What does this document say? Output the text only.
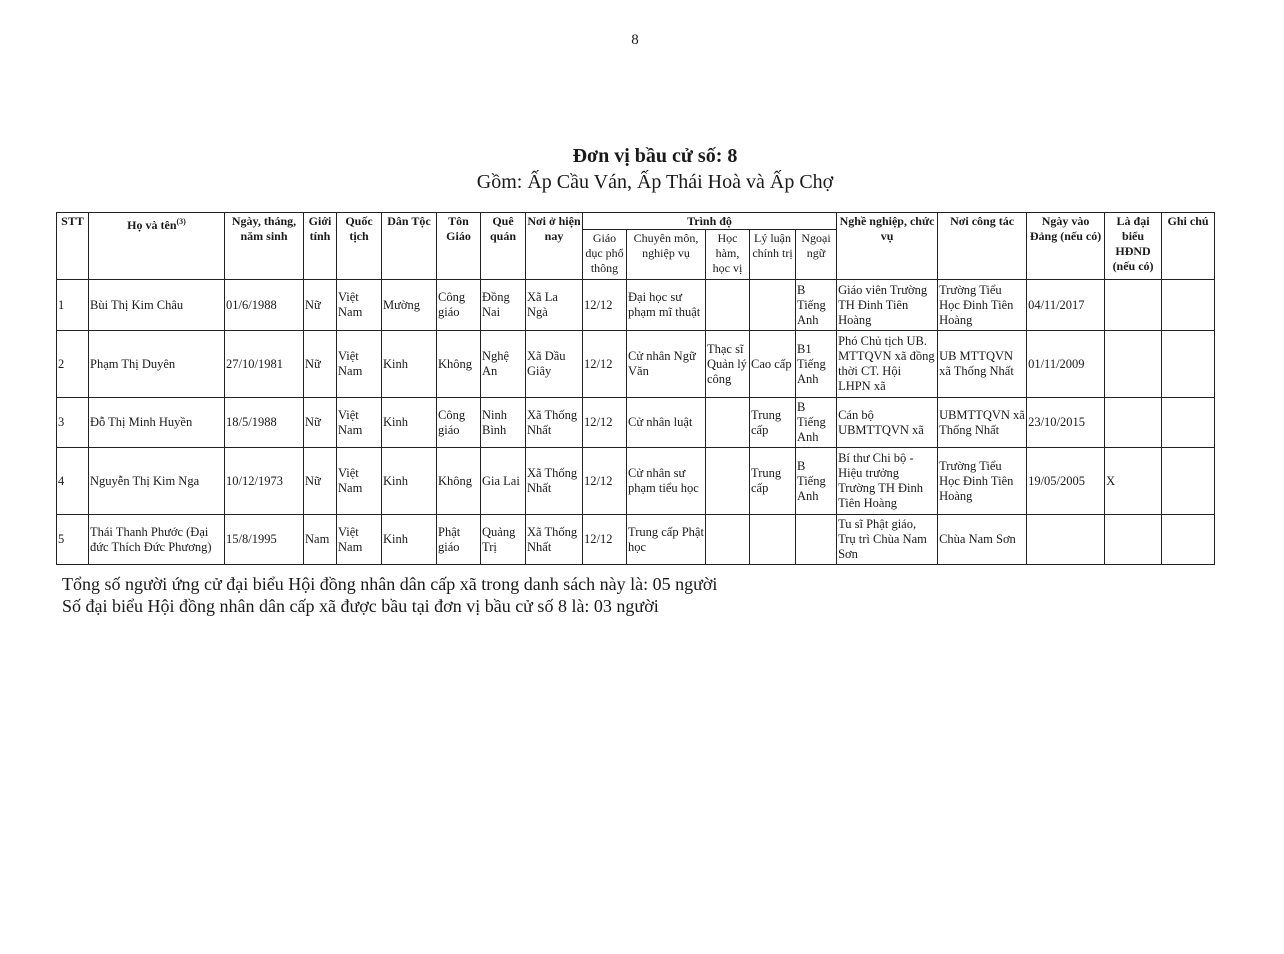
8
Đơn vị bầu cử số: 8
Gồm: Ấp Cầu Ván, Ấp Thái Hoà và Ấp Chợ
STT	Họ và tên$^{(3)}$	Ngày, tháng, năm sinh	Giới tính	Quốc tịch	Dân Tộc	Tôn Giáo	Quê quán	Nơi ở hiện nay	Trình độ					Nghề nghiệp, chức vụ	Nơi công tác	Ngày vào Đảng (nếu có)	Là đại biểu HĐND (nếu có)	Ghi chú
									Giáo dục phổ thông	Chuyên môn, nghiệp vụ	Học hàm, học vị	Lý luận chính trị	Ngoại ngữ					
1	Bùi Thị Kim Châu	01/6/1988	Nữ	Việt Nam	Mường	Công giáo	Đồng Nai	Xã La Ngà	12/12	Đại học sư phạm mĩ thuật			B Tiếng Anh	Giáo viên Trường TH Đinh Tiên Hoàng	Trường Tiểu Học Đinh Tiên Hoàng	04/11/2017		
2	Phạm Thị Duyên	27/10/1981	Nữ	Việt Nam	Kinh	Không	Nghệ An	Xã Dầu Giây	12/12	Cử nhân Ngữ Văn	Thạc sĩ Quản lý công	Cao cấp	B1 Tiếng Anh	Phó Chủ tịch UB. MTTQVN xã đồng thời CT. Hội LHPN xã	UB MTTQVN xã Thống Nhất	01/11/2009		
3	Đỗ Thị Minh Huyền	18/5/1988	Nữ	Việt Nam	Kinh	Công giáo	Ninh Bình	Xã Thống Nhất	12/12	Cử nhân luật		Trung cấp	B Tiếng Anh	Cán bộ UBMTTQVN xã	UBMTTQVN xã Thống Nhất	23/10/2015		
4	Nguyễn Thị Kim Nga	10/12/1973	Nữ	Việt Nam	Kinh	Không	Gia Lai	Xã Thống Nhất	12/12	Cử nhân sư phạm tiểu học		Trung cấp	B Tiếng Anh	Bí thư Chi bộ - Hiệu trưởng Trường TH Đinh Tiên Hoàng	Trường Tiểu Học Đinh Tiên Hoàng	19/05/2005	X	
5	Thái Thanh Phước (Đại đức Thích Đức Phương)	15/8/1995	Nam	Việt Nam	Kinh	Phật giáo	Quảng Trị	Xã Thống Nhất	12/12	Trung cấp Phật học				Tu sĩ Phật giáo, Trụ trì Chùa Nam Sơn	Chùa Nam Sơn			
Tổng số người ứng cử đại biểu Hội đồng nhân dân cấp xã trong danh sách này là: 05 người
Số đại biểu Hội đồng nhân dân cấp xã được bầu tại đơn vị bầu cử số 8 là: 03 người
